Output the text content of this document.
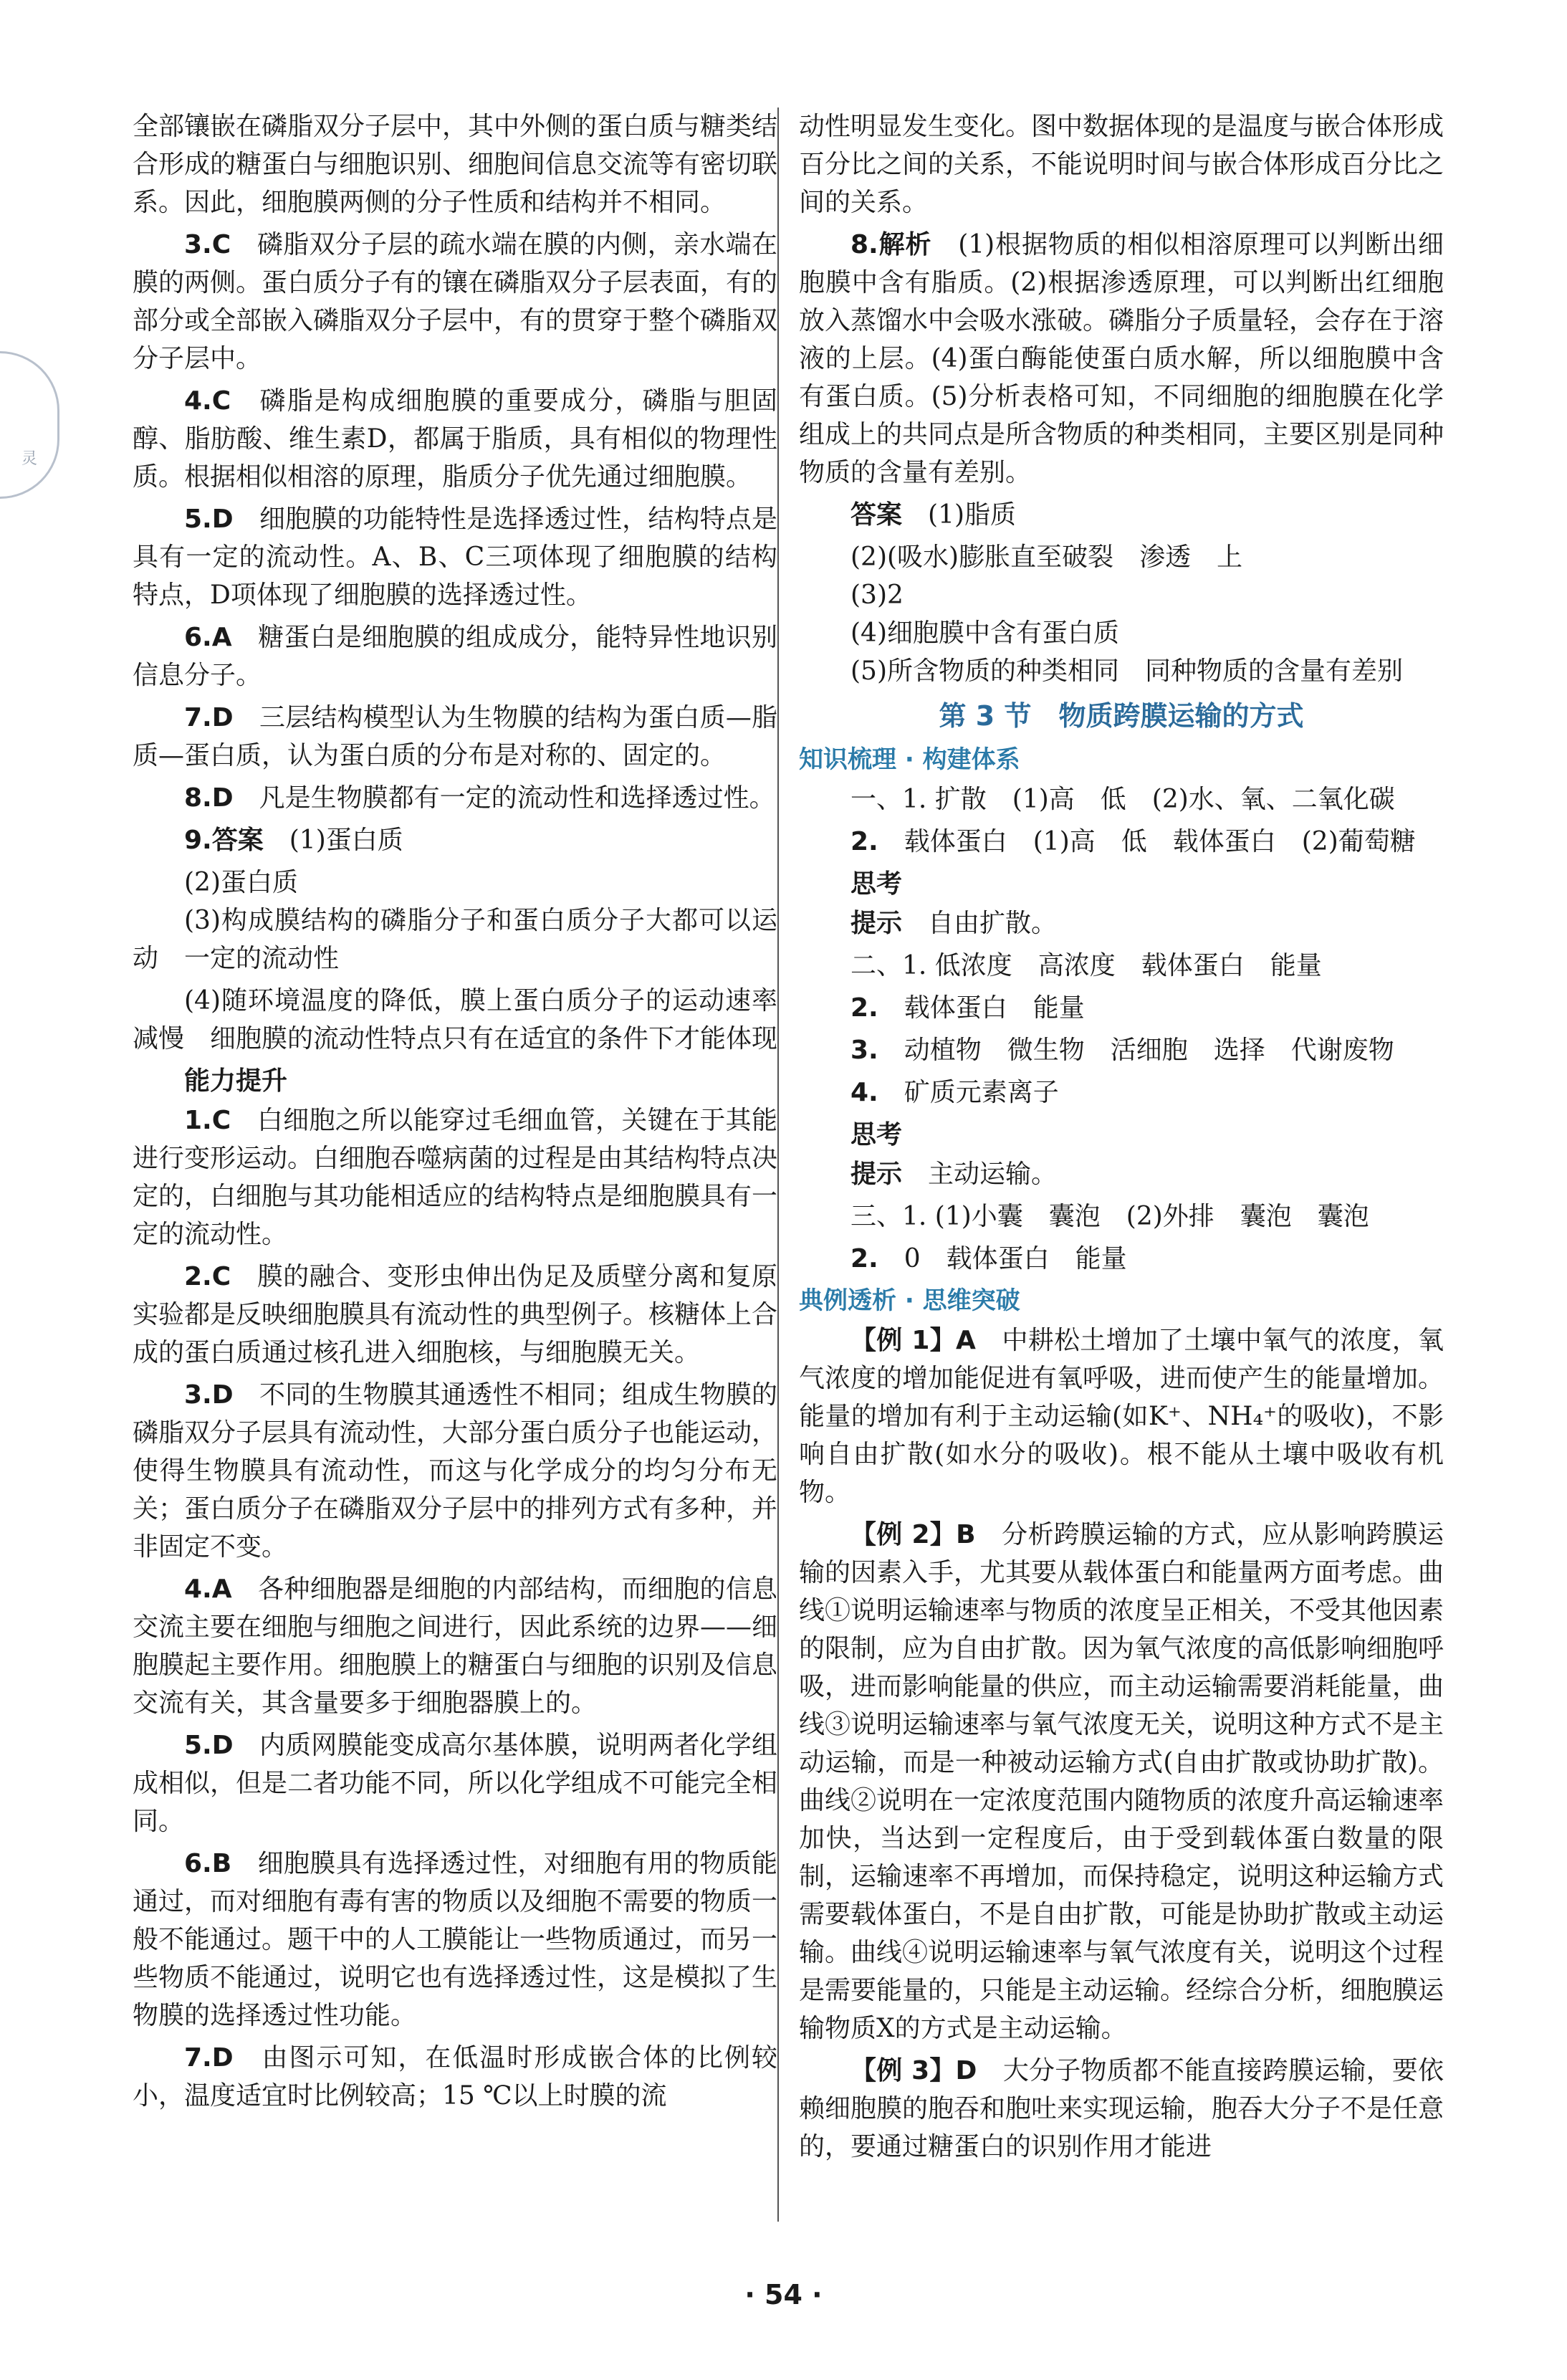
灵
全部镶嵌在磷脂双分子层中，其中外侧的蛋白质与糖类结合形成的糖蛋白与细胞识别、细胞间信息交流等有密切联系。因此，细胞膜两侧的分子性质和结构并不相同。
3.C　 磷脂双分子层的疏水端在膜的内侧，亲水端在膜的两侧。蛋白质分子有的镶在磷脂双分子层表面，有的部分或全部嵌入磷脂双分子层中，有的贯穿于整个磷脂双分子层中。
4.C　 磷脂是构成细胞膜的重要成分，磷脂与胆固醇、脂肪酸、维生素D，都属于脂质，具有相似的物理性质。根据相似相溶的原理，脂质分子优先通过细胞膜。
5.D　 细胞膜的功能特性是选择透过性，结构特点是具有一定的流动性。A、B、C三项体现了细胞膜的结构特点，D项体现了细胞膜的选择透过性。
6.A　 糖蛋白是细胞膜的组成成分，能特异性地识别信息分子。
7.D　 三层结构模型认为生物膜的结构为蛋白质—脂质—蛋白质，认为蛋白质的分布是对称的、固定的。
8.D　 凡是生物膜都有一定的流动性和选择透过性。
9.答案　 (1)蛋白质
(2)蛋白质
(3)构成膜结构的磷脂分子和蛋白质分子大都可以运动　一定的流动性
(4)随环境温度的降低，膜上蛋白质分子的运动速率减慢　细胞膜的流动性特点只有在适宜的条件下才能体现
能力提升
1.C　 白细胞之所以能穿过毛细血管，关键在于其能进行变形运动。白细胞吞噬病菌的过程是由其结构特点决定的，白细胞与其功能相适应的结构特点是细胞膜具有一定的流动性。
2.C　 膜的融合、变形虫伸出伪足及质壁分离和复原实验都是反映细胞膜具有流动性的典型例子。核糖体上合成的蛋白质通过核孔进入细胞核，与细胞膜无关。
3.D　 不同的生物膜其通透性不相同；组成生物膜的磷脂双分子层具有流动性，大部分蛋白质分子也能运动，使得生物膜具有流动性，而这与化学成分的均匀分布无关；蛋白质分子在磷脂双分子层中的排列方式有多种，并非固定不变。
4.A　 各种细胞器是细胞的内部结构，而细胞的信息交流主要在细胞与细胞之间进行，因此系统的边界——细胞膜起主要作用。细胞膜上的糖蛋白与细胞的识别及信息交流有关，其含量要多于细胞器膜上的。
5.D　 内质网膜能变成高尔基体膜，说明两者化学组成相似，但是二者功能不同，所以化学组成不可能完全相同。
6.B　 细胞膜具有选择透过性，对细胞有用的物质能通过，而对细胞有毒有害的物质以及细胞不需要的物质一般不能通过。题干中的人工膜能让一些物质通过，而另一些物质不能通过，说明它也有选择透过性，这是模拟了生物膜的选择透过性功能。
7.D　 由图示可知，在低温时形成嵌合体的比例较小，温度适宜时比例较高；15 ℃以上时膜的流
动性明显发生变化。图中数据体现的是温度与嵌合体形成百分比之间的关系，不能说明时间与嵌合体形成百分比之间的关系。
8.解析　 (1)根据物质的相似相溶原理可以判断出细胞膜中含有脂质。(2)根据渗透原理，可以判断出红细胞放入蒸馏水中会吸水涨破。磷脂分子质量轻，会存在于溶液的上层。(4)蛋白酶能使蛋白质水解，所以细胞膜中含有蛋白质。(5)分析表格可知，不同细胞的细胞膜在化学组成上的共同点是所含物质的种类相同，主要区别是同种物质的含量有差别。
答案　 (1)脂质
(2)(吸水)膨胀直至破裂　渗透　上
(3)2
(4)细胞膜中含有蛋白质
(5)所含物质的种类相同　同种物质的含量有差别
第 3 节　物质跨膜运输的方式
知识梳理 · 构建体系
一、1. 扩散　(1)高　低　(2)水、氧、二氧化碳
2.　 载体蛋白　(1)高　低　载体蛋白　(2)葡萄糖
思考
提示　 自由扩散。
二、1. 低浓度　高浓度　载体蛋白　能量
2.　 载体蛋白　能量
3.　 动植物　微生物　活细胞　选择　代谢废物
4.　 矿质元素离子
思考
提示　 主动运输。
三、1. (1)小囊　囊泡　(2)外排　囊泡　囊泡
2.　 0　载体蛋白　能量
典例透析 · 思维突破
【例 1】A　 中耕松土增加了土壤中氧气的浓度，氧气浓度的增加能促进有氧呼吸，进而使产生的能量增加。能量的增加有利于主动运输(如K⁺、NH₄⁺的吸收)，不影响自由扩散(如水分的吸收)。根不能从土壤中吸收有机物。
【例 2】B　 分析跨膜运输的方式，应从影响跨膜运输的因素入手，尤其要从载体蛋白和能量两方面考虑。曲线①说明运输速率与物质的浓度呈正相关，不受其他因素的限制，应为自由扩散。因为氧气浓度的高低影响细胞呼吸，进而影响能量的供应，而主动运输需要消耗能量，曲线③说明运输速率与氧气浓度无关，说明这种方式不是主动运输，而是一种被动运输方式(自由扩散或协助扩散)。曲线②说明在一定浓度范围内随物质的浓度升高运输速率加快，当达到一定程度后，由于受到载体蛋白数量的限制，运输速率不再增加，而保持稳定，说明这种运输方式需要载体蛋白，不是自由扩散，可能是协助扩散或主动运输。曲线④说明运输速率与氧气浓度有关，说明这个过程是需要能量的，只能是主动运输。经综合分析，细胞膜运输物质X的方式是主动运输。
【例 3】D　 大分子物质都不能直接跨膜运输，要依赖细胞膜的胞吞和胞吐来实现运输，胞吞大分子不是任意的，要通过糖蛋白的识别作用才能进
· 54 ·
